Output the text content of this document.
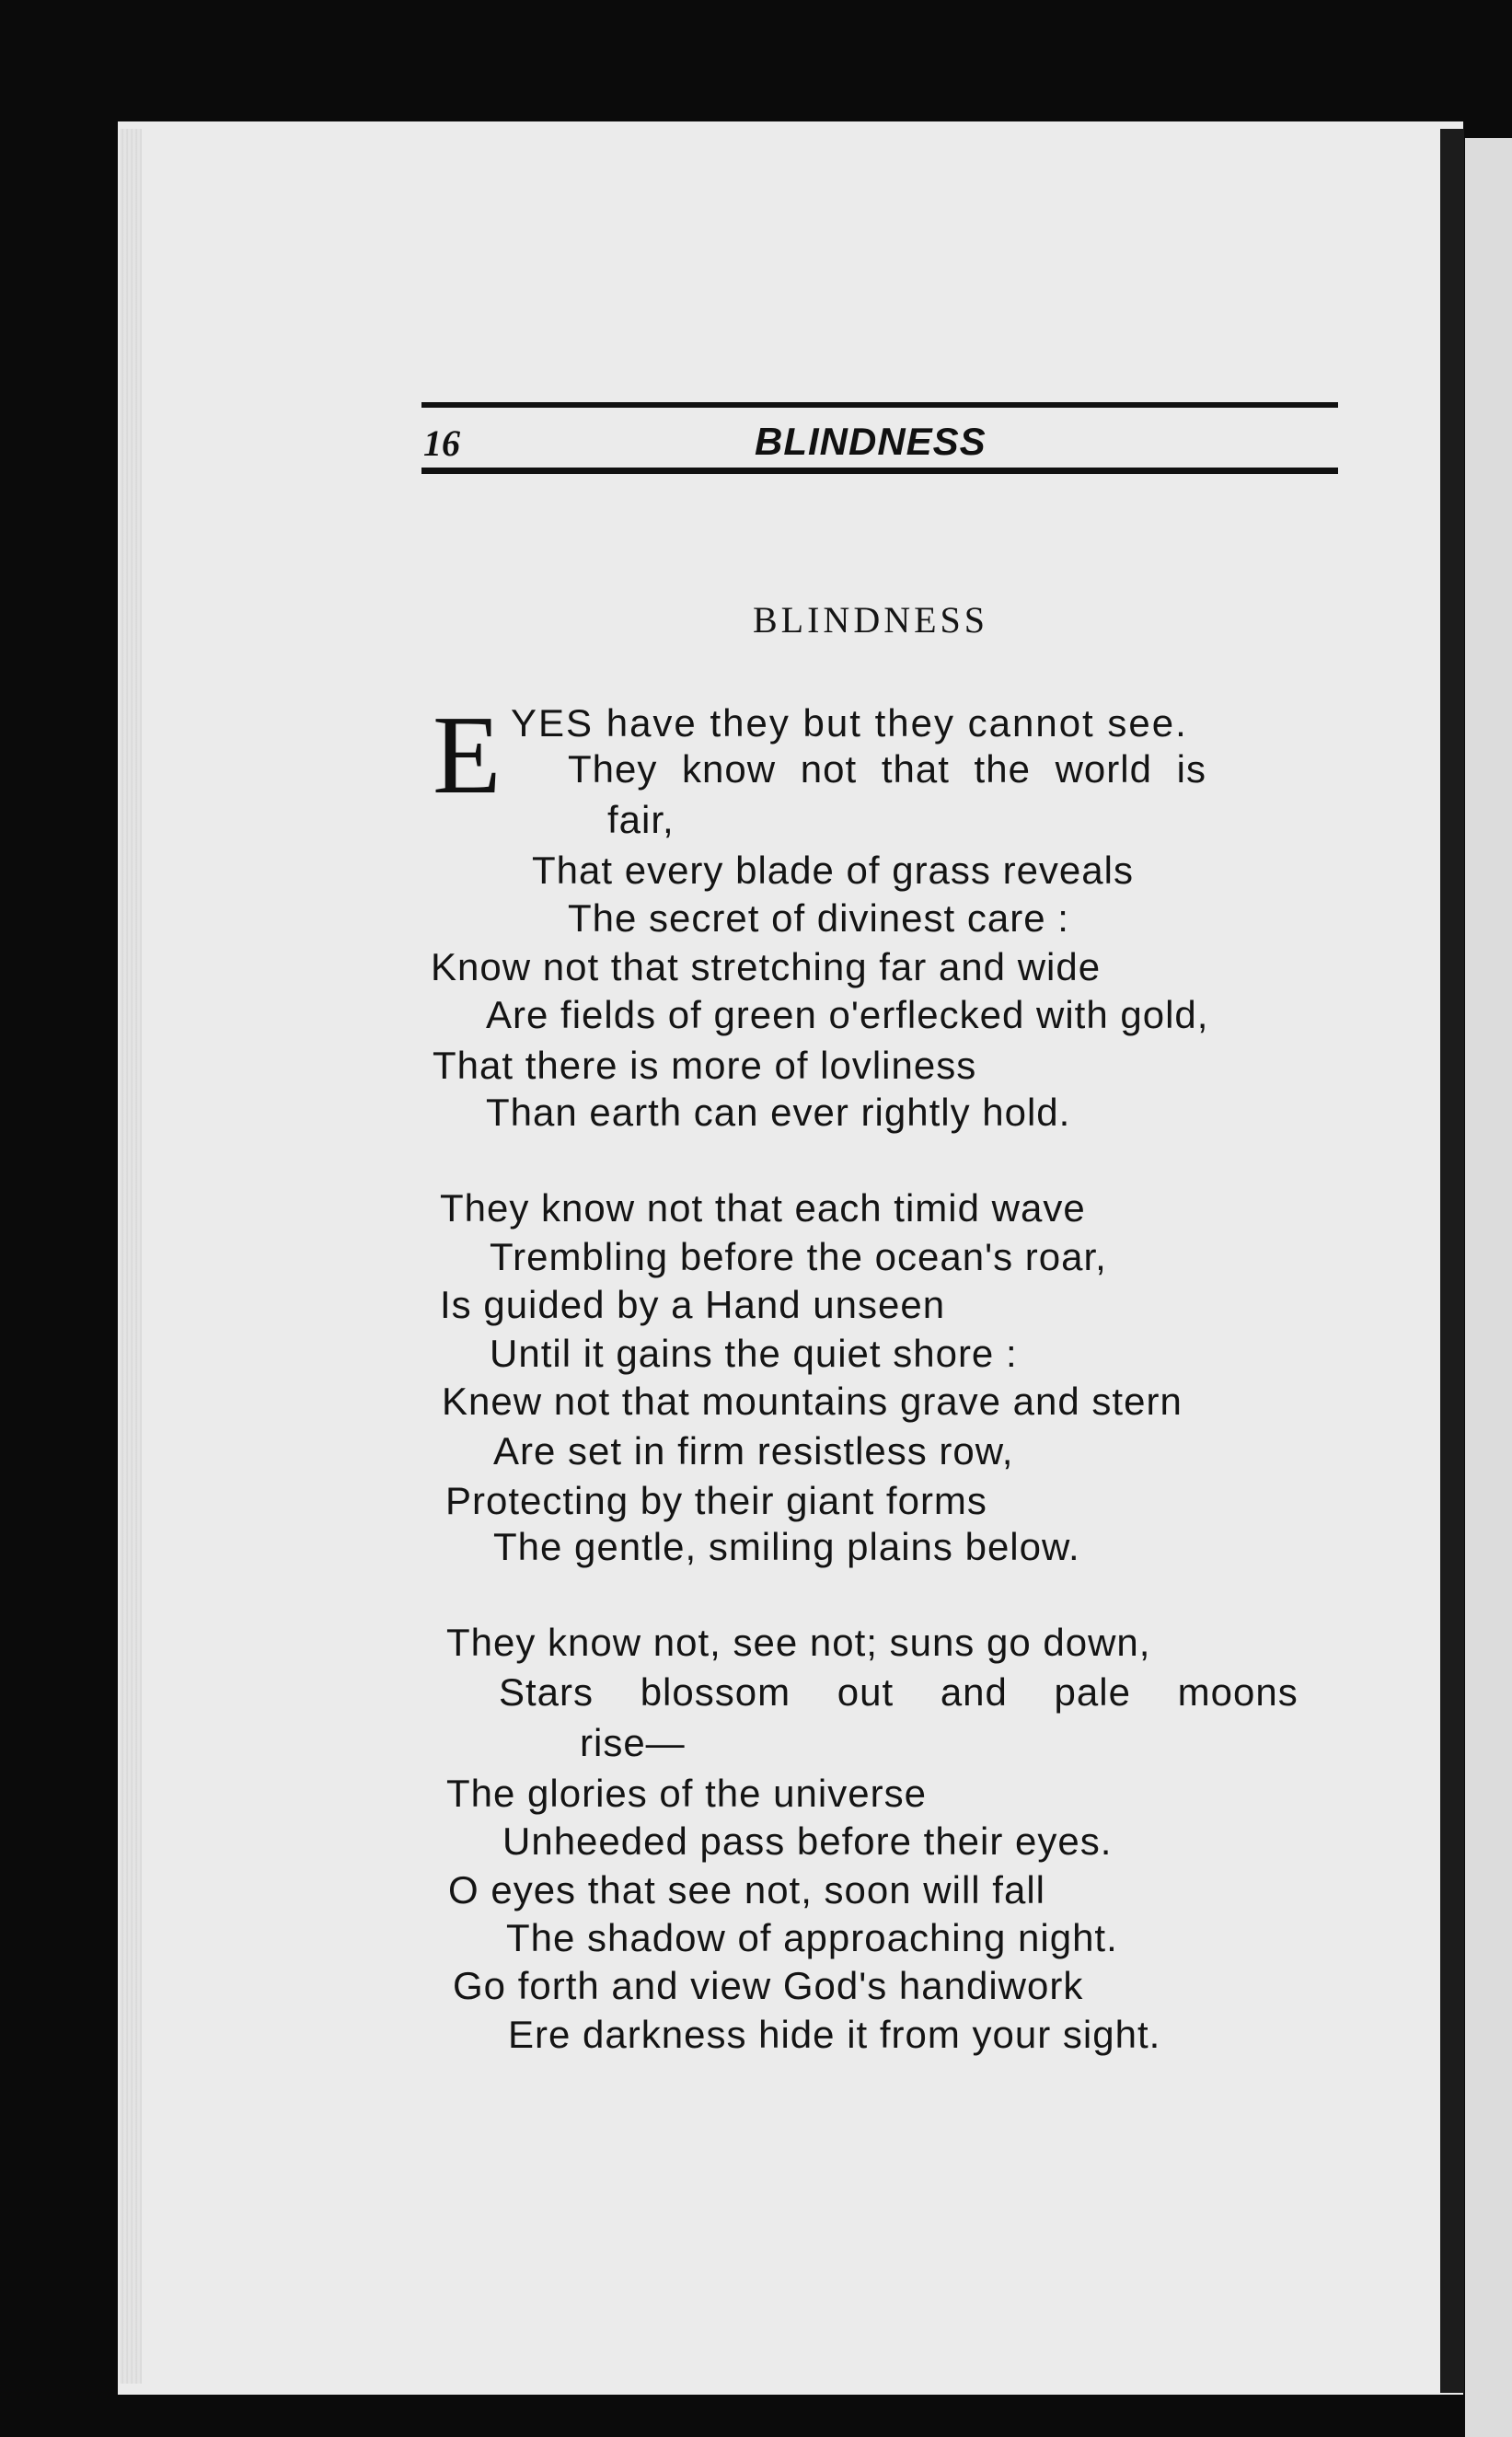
16	BLINDNESS
BLINDNESS
E YES have they but they cannot see.
They know not that the world is
fair,
That every blade of grass reveals
The secret of divinest care :
Know not that stretching far and wide
Are fields of green o'erflecked with gold,
That there is more of lovliness
Than earth can ever rightly hold.
They know not that each timid wave
Trembling before the ocean's roar,
Is guided by a Hand unseen
Until it gains the quiet shore :
Knew not that mountains grave and stern
Are set in firm resistless row,
Protecting by their giant forms
The gentle, smiling plains below.
They know not, see not; suns go down,
Stars blossom out and pale moons
rise—
The glories of the universe
Unheeded pass before their eyes.
O eyes that see not, soon will fall
The shadow of approaching night.
Go forth and view God's handiwork
Ere darkness hide it from your sight.
